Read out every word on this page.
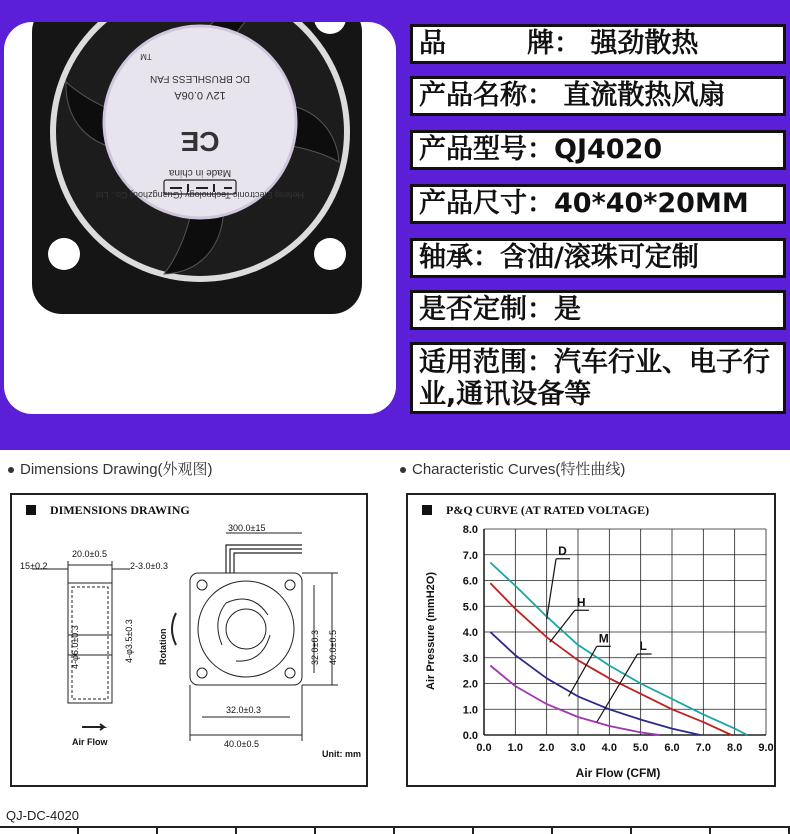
Hefeng Electronic Technology (Guangzhou) Co., Ltd
Made in china
CE
12V 0.06A
DC BRUSHLESS FAN
TM	品　　　牌： 强劲散热
产品名称： 直流散热风扇
产品型号：QJ4020
产品尺寸：40*40*20MM
轴承：含油/滚珠可定制
是否定制：是
适用范围：汽车行业、电子行业,通讯设备等
Dimensions Drawing(外观图)	Characteristic Curves(特性曲线)
DIMENSIONS DRAWING
300.0±15
20.0±0.5
15±0.2	2-3.0±0.3
4-φ6.0±0.3	4-φ3.5±0.3	32.0±0.3 40.0±0.5
32.0±0.3
40.0±0.5
Rotation
Air Flow
Unit: mm
P&Q CURVE (AT RATED VOLTAGE)
0.0 1.0 2.0 3.0 4.0 5.0 6.0 7.0 8.0 9.0
0.0
1.0
2.0
3.0
4.0
5.0
6.0
7.0
8.0
D
H
M
L
Air Flow (CFM)
Air Pressure (mmH2O)
QJ-DC-4020
